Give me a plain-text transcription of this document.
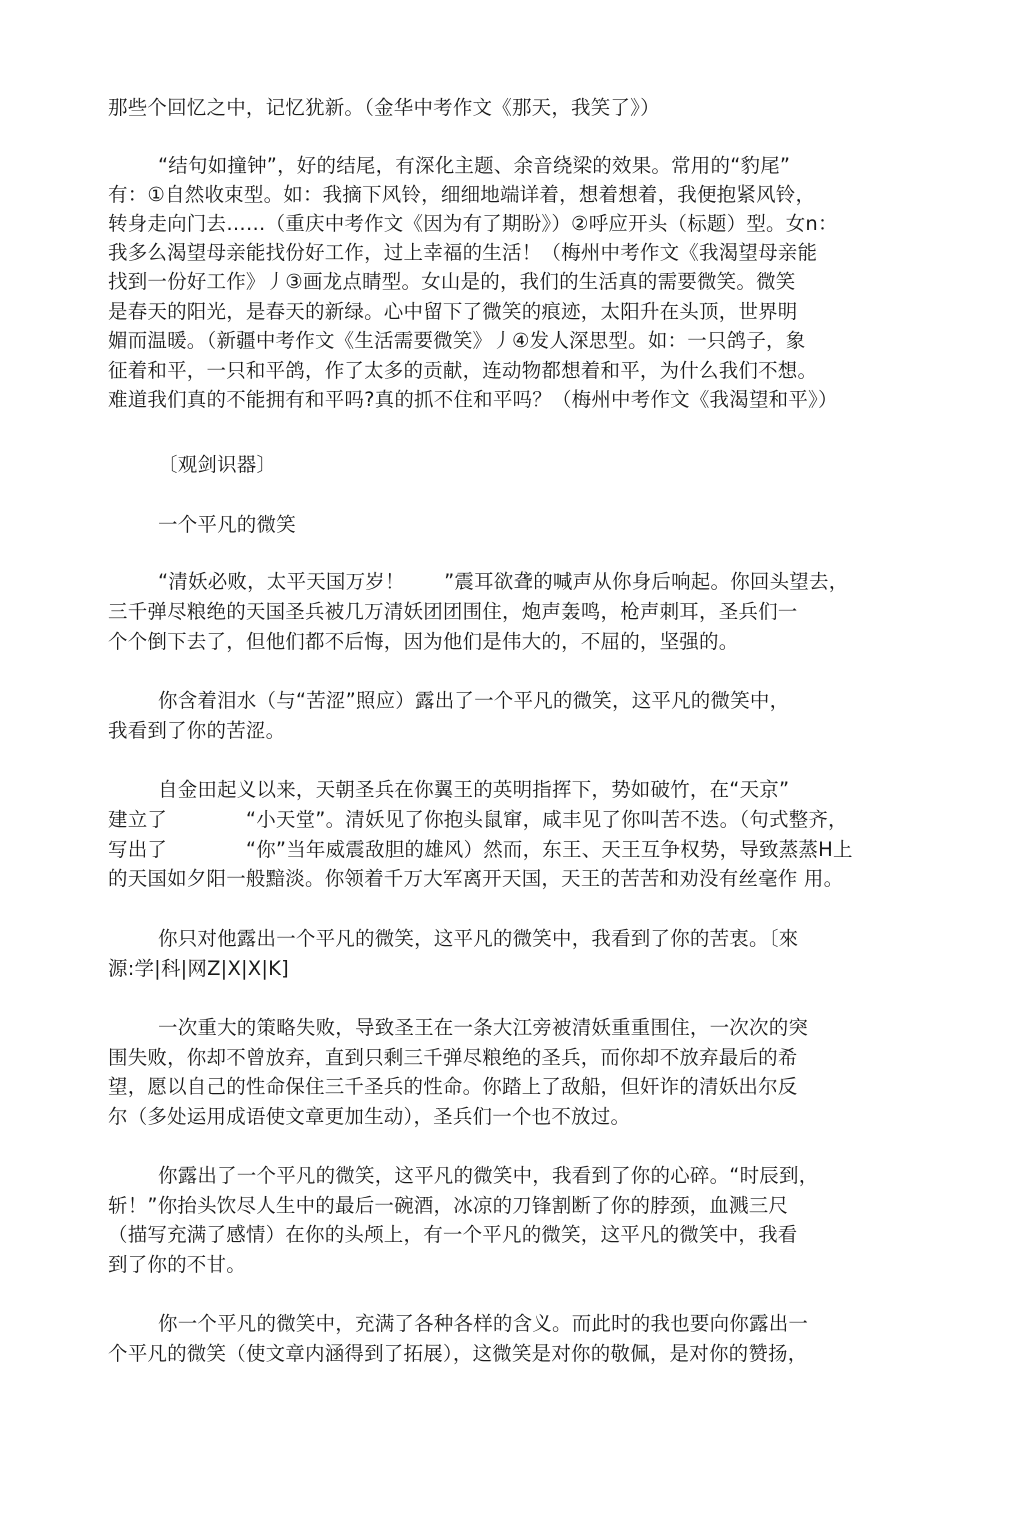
那些个回忆之中，记忆犹新。（金华中考作文《那天，我笑了》）
“结句如撞钟”，好的结尾，有深化主题、余音绕梁的效果。常用的“豹尾”
有：①自然收束型。如：我摘下风铃，细细地端详着，想着想着，我便抱紧风铃，
转身走向门去……（重庆中考作文《因为有了期盼》）②呼应开头（标题）型。女n：
我多么渴望母亲能找份好工作，过上幸福的生活！（梅州中考作文《我渴望母亲能
找到一份好工作》丿③画龙点睛型。女山是的，我们的生活真的需要微笑。微笑
是春天的阳光，是春天的新绿。心中留下了微笑的痕迹，太阳升在头顶，世界明
媚而温暖。（新疆中考作文《生活需要微笑》丿④发人深思型。如：一只鸽子，象
征着和平，一只和平鸽，作了太多的贡献，连动物都想着和平，为什么我们不想。
难道我们真的不能拥有和平吗?真的抓不住和平吗？（梅州中考作文《我渴望和平》）
〔观剑识器〕
一个平凡的微笑
“清妖必败，太平天国万岁！　　”震耳欲聋的喊声从你身后响起。你回头望去，
三千弹尽粮绝的天国圣兵被几万清妖团团围住，炮声轰鸣，枪声刺耳，圣兵们一
个个倒下去了，但他们都不后悔，因为他们是伟大的，不屈的，坚强的。
你含着泪水（与“苦涩”照应）露出了一个平凡的微笑，这平凡的微笑中，
我看到了你的苦涩。
自金田起义以来，天朝圣兵在你翼王的英明指挥下，势如破竹，在“天京”
建立了　　　　“小天堂”。清妖见了你抱头鼠窜，咸丰见了你叫苦不迭。（句式整齐，
写出了　　　　“你”当年威震敌胆的雄风）然而，东王、天王互争权势，导致蒸蒸H上
的天国如夕阳一般黯淡。你领着千万大军离开天国，天王的苦苦和劝没有丝毫作 用。
你只对他露出一个平凡的微笑，这平凡的微笑中，我看到了你的苦衷。〔來
源:学|科|网Z|X|X|K]
一次重大的策略失败，导致圣王在一条大江旁被清妖重重围住，一次次的突
围失败，你却不曾放弃，直到只剩三千弹尽粮绝的圣兵，而你却不放弃最后的希
望，愿以自己的性命保住三千圣兵的性命。你踏上了敌船，但奸诈的清妖出尔反
尔（多处运用成语使文章更加生动），圣兵们一个也不放过。
你露出了一个平凡的微笑，这平凡的微笑中，我看到了你的心碎。“时辰到，
斩！”你抬头饮尽人生中的最后一碗酒，冰凉的刀锋割断了你的脖颈，血溅三尺
（描写充满了感情）在你的头颅上，有一个平凡的微笑，这平凡的微笑中，我看
到了你的不甘。
你一个平凡的微笑中，充满了各种各样的含义。而此时的我也要向你露出一
个平凡的微笑（使文章内涵得到了拓展），这微笑是对你的敬佩，是对你的赞扬，
